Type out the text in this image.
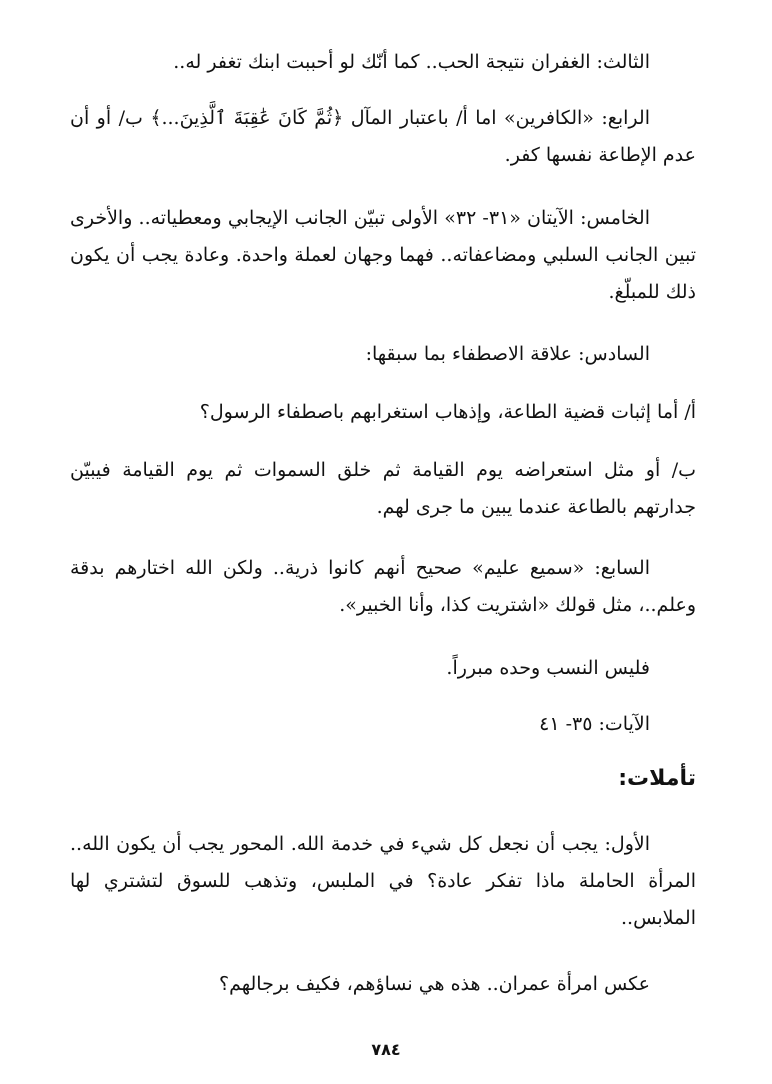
الثالث: الغفران نتيجة الحب.. كما أنّك لو أحببت ابنك تغفر له..

الرابع: «الكافرين» اما أ/ باعتبار المآل ﴿ثُمَّ كَانَ عَٰقِبَةَ ٱلَّذِينَ...﴾ ب/ أو أن عدم الإطاعة نفسها كفر.

الخامس: الآيتان «٣١- ٣٢» الأولى تبيّن الجانب الإيجابي ومعطياته.. والأخرى تبين الجانب السلبي ومضاعفاته.. فهما وجهان لعملة واحدة. وعادة يجب أن يكون ذلك للمبلّغ.

السادس: علاقة الاصطفاء بما سبقها:

أ/ أما إثبات قضية الطاعة، وإذهاب استغرابهم باصطفاء الرسول؟

ب/ أو مثل استعراضه يوم القيامة ثم خلق السموات ثم يوم القيامة فيبيّن جدارتهم بالطاعة عندما يبين ما جرى لهم.

السابع: «سميع عليم» صحيح أنهم كانوا ذرية.. ولكن الله اختارهم بدقة وعلم..، مثل قولك «اشتريت كذا، وأنا الخبير».

فليس النسب وحده مبرراً.

الآيات: ٣٥- ٤١

تأملات:

الأول: يجب أن نجعل كل شيء في خدمة الله. المحور يجب أن يكون الله.. المرأة الحاملة ماذا تفكر عادة؟ في الملبس، وتذهب للسوق لتشتري لها الملابس..

عكس امرأة عمران.. هذه هي نساؤهم، فكيف برجالهم؟

٧٨٤
